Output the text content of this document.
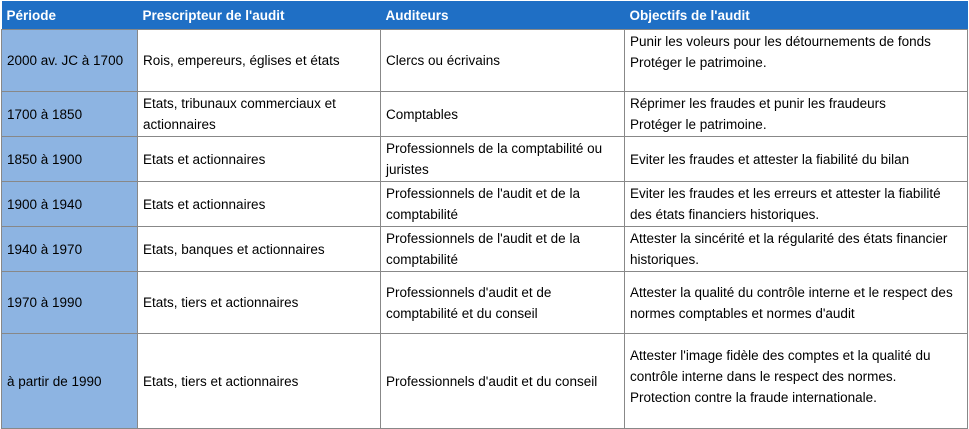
Période	Prescripteur de l'audit	Auditeurs	Objectifs de l'audit
2000 av. JC à 1700	Rois, empereurs, églises et états	Clercs ou écrivains	Punir les voleurs pour les détournements de fonds
Protéger le patrimoine.

1700 à 1850	Etats, tribunaux commerciaux et actionnaires	Comptables	Réprimer les fraudes et punir les fraudeurs
Protéger le patrimoine.

1850 à 1900	Etats et actionnaires	Professionnels de la comptabilité ou juristes	Eviter les fraudes et attester la fiabilité du bilan

1900 à 1940	Etats et actionnaires	Professionnels de l'audit et de la comptabilité	Eviter les fraudes et les erreurs et attester la fiabilité des états financiers historiques.

1940 à 1970	Etats, banques et actionnaires	Professionnels de l'audit et de la comptabilité	Attester la sincérité et la régularité des états financier historiques.

1970 à 1990	Etats, tiers et actionnaires	Professionnels d'audit et de comptabilité et du conseil	Attester la qualité du contrôle interne et le respect des normes comptables et normes d'audit

à partir de 1990	Etats, tiers et actionnaires	Professionnels d'audit et du conseil	Attester l'image fidèle des comptes et la qualité du contrôle interne dans le respect des normes.
Protection contre la fraude internationale.
